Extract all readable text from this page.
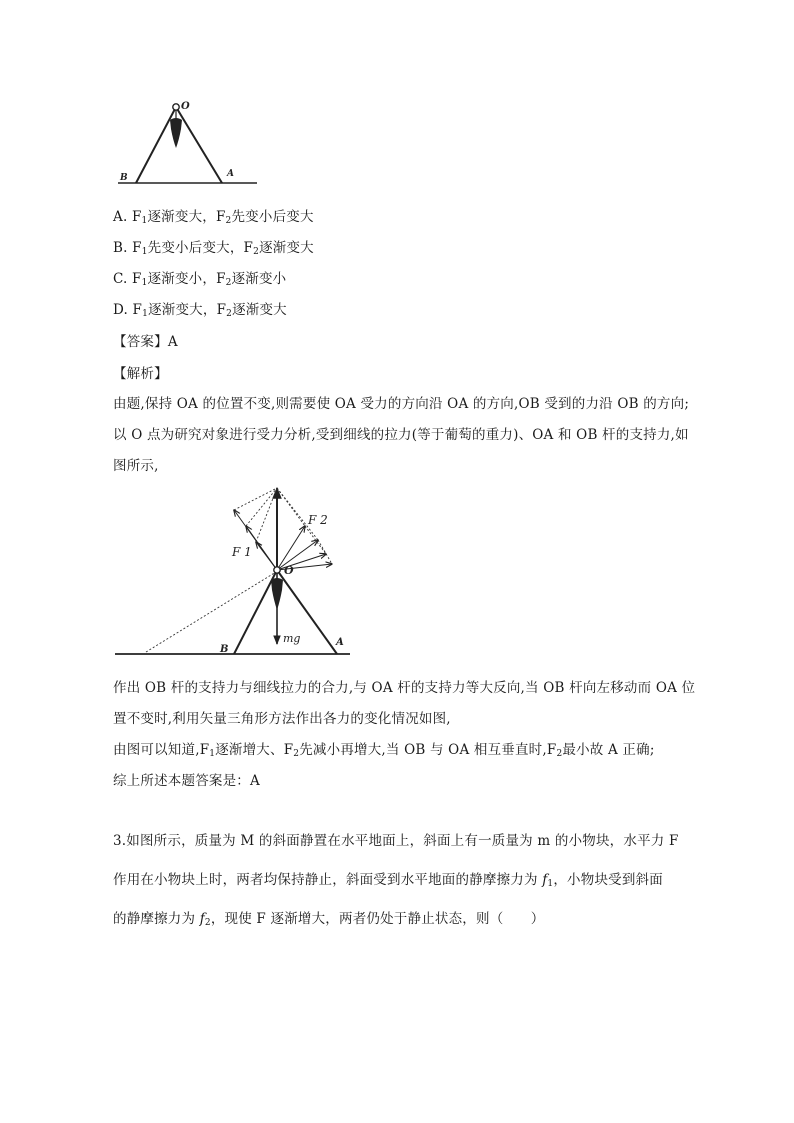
O
B	A
A. $F_1$逐渐变大，$F_2$先变小后变大
B. $F_1$先变小后变大，$F_2$逐渐变大
C. $F_1$逐渐变小，$F_2$逐渐变小
D. $F_1$逐渐变大，$F_2$逐渐变大
【答案】A
【解析】
由题,保持 OA 的位置不变,则需要使 OA 受力的方向沿 OA 的方向,OB 受到的力沿 OB 的方向;
以 O 点为研究对象进行受力分析,受到细线的拉力(等于葡萄的重力)、OA 和 OB 杆的支持力,如
图所示,
F 1
F 2
O
mg
B
A
作出 OB 杆的支持力与细线拉力的合力,与 OA 杆的支持力等大反向,当 OB 杆向左移动而 OA 位
置不变时,利用矢量三角形方法作出各力的变化情况如图,
由图可以知道$,F_1$逐渐增大、$F_2$先减小再增大,当 OB 与 OA 相互垂直时$,F_2$最小故 A 正确;
综上所述本题答案是：A
3.如图所示，质量为 M 的斜面静置在水平地面上，斜面上有一质量为 m 的小物块，水平力 F
作用在小物块上时，两者均保持静止，斜面受到水平地面的静摩擦力为 $f_1$，小物块受到斜面
的静摩擦力为 $f_2$，现使 F 逐渐增大，两者仍处于静止状态，则（　　）
